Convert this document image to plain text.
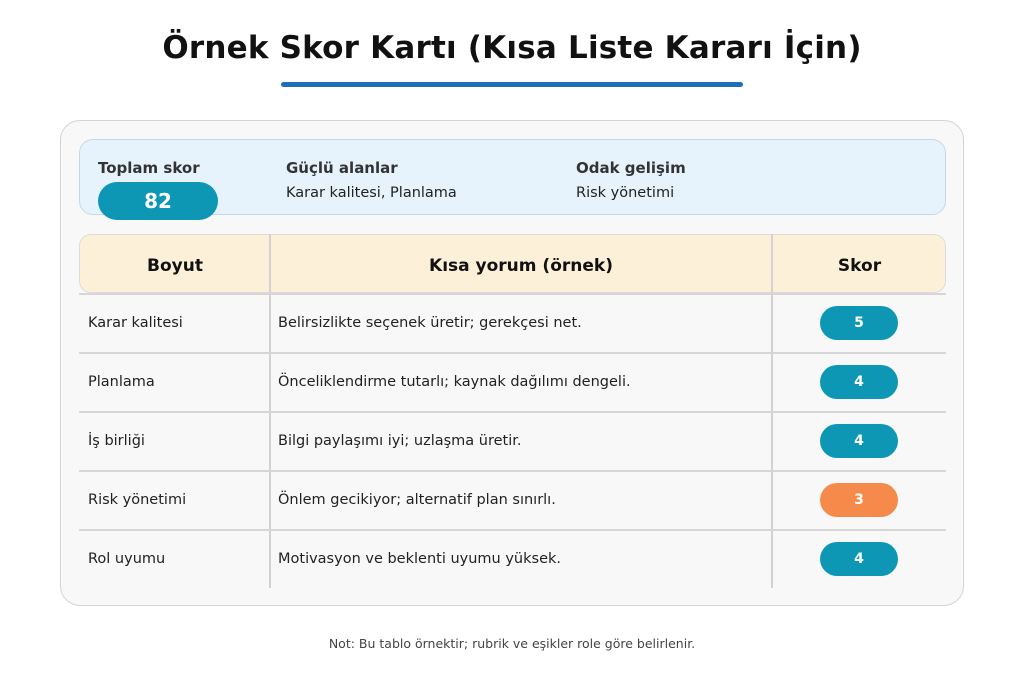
Örnek Skor Kartı (Kısa Liste Kararı İçin)
Toplam skor
82
Güçlü alanlar
Karar kalitesi, Planlama
Odak gelişim
Risk yönetimi
Boyut	Kısa yorum (örnek)	Skor
Karar kalitesi	Belirsizlikte seçenek üretir; gerekçesi net.	5
Planlama	Önceliklendirme tutarlı; kaynak dağılımı dengeli.	4
İş birliği	Bilgi paylaşımı iyi; uzlaşma üretir.	4
Risk yönetimi	Önlem gecikiyor; alternatif plan sınırlı.	3
Rol uyumu	Motivasyon ve beklenti uyumu yüksek.	4
Not: Bu tablo örnektir; rubrik ve eşikler role göre belirlenir.
